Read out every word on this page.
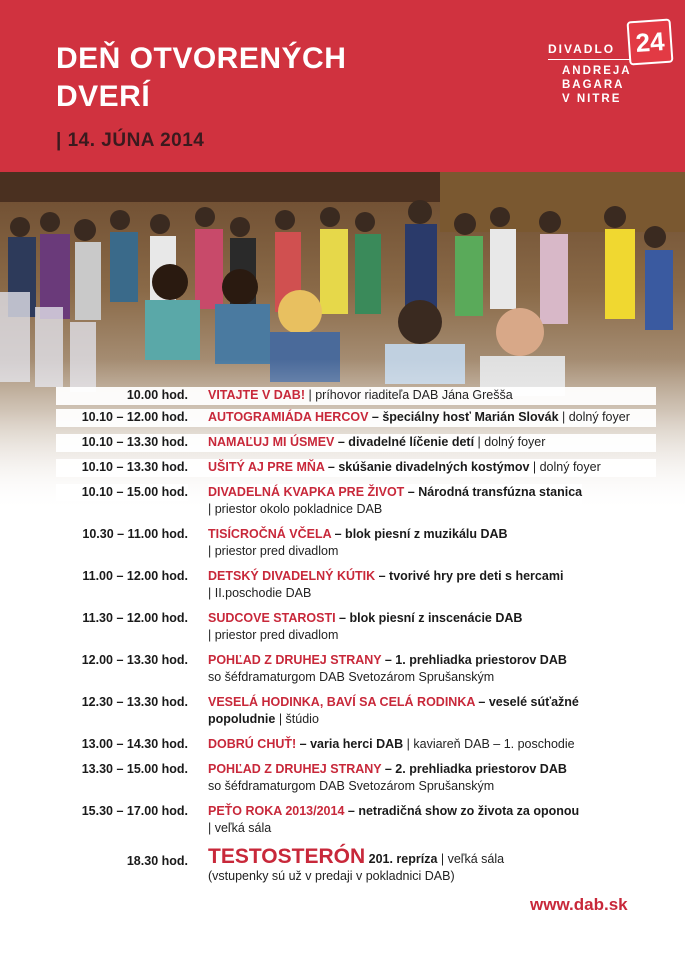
DEŇ OTVORENÝCH
DVERÍ
| 14. JÚNA 2014
DIVADLO 24
ANDREJA
BAGARA
V NITRE
10.00 hod. VITAJTE V DAB! | príhovor riaditeľa DAB Jána Grešša
10.10 – 12.00 hod. AUTOGRAMIÁDA HERCOV – špeciálny hosť Marián Slovák | dolný foyer
10.10 – 13.30 hod. NAMAĽUJ MI ÚSMEV – divadelné líčenie detí | dolný foyer
10.10 – 13.30 hod. UŠITÝ AJ PRE MŇA – skúšanie divadelných kostýmov | dolný foyer
10.10 – 15.00 hod. DIVADELNÁ KVAPKA PRE ŽIVOT – Národná transfúzna stanica
| priestor okolo pokladnice DAB
10.30 – 11.00 hod. TISÍCROČNÁ VČELA – blok piesní z muzikálu DAB
| priestor pred divadlom
11.00 – 12.00 hod. DETSKÝ DIVADELNÝ KÚTIK – tvorivé hry pre deti s hercami
| II.poschodie DAB
11.30 – 12.00 hod. SUDCOVE STAROSTI – blok piesní z inscenácie DAB
| priestor pred divadlom
12.00 – 13.30 hod. POHĽAD Z DRUHEJ STRANY – 1. prehliadka priestorov DAB
so šéfdramaturgom DAB Svetozárom Sprušanským
12.30 – 13.30 hod. VESELÁ HODINKA, BAVÍ SA CELÁ RODINKA – veselé súťažné
popoludnie | štúdio
13.00 – 14.30 hod. DOBRÚ CHUŤ! – varia herci DAB | kaviareň DAB – 1. poschodie
13.30 – 15.00 hod. POHĽAD Z DRUHEJ STRANY – 2. prehliadka priestorov DAB
so šéfdramaturgom DAB Svetozárom Sprušanským
15.30 – 17.00 hod. PEŤO ROKA 2013/2014 – netradičná show zo života za oponou
| veľká sála
18.30 hod. TESTOSTERÓN 201. repríza | veľká sála
(vstupenky sú už v predaji v pokladnici DAB)
www.dab.sk
